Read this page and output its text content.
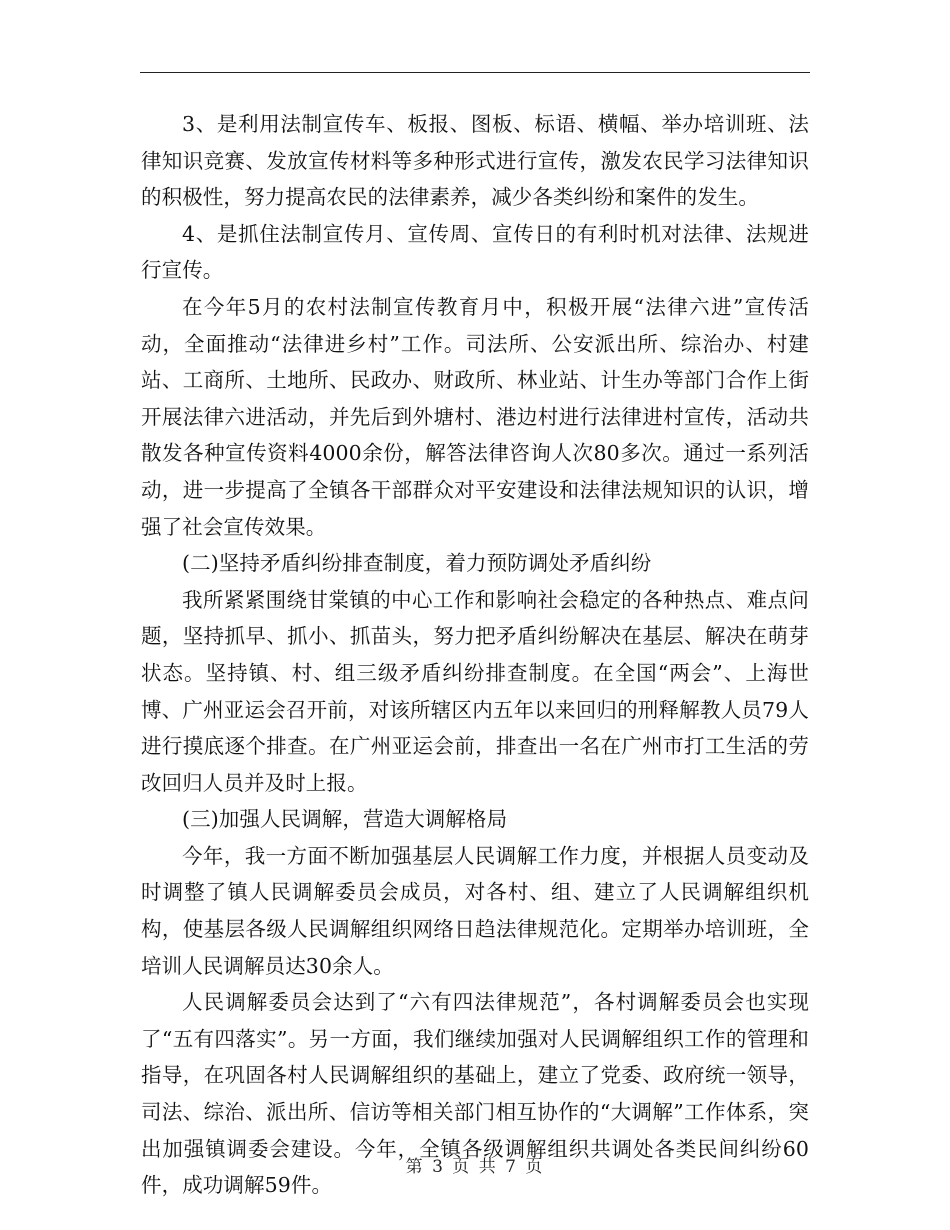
3、是利用法制宣传车、板报、图板、标语、横幅、举办培训班、法律知识竞赛、发放宣传材料等多种形式进行宣传，激发农民学习法律知识的积极性，努力提高农民的法律素养，减少各类纠纷和案件的发生。

4、是抓住法制宣传月、宣传周、宣传日的有利时机对法律、法规进行宣传。

在今年5月的农村法制宣传教育月中，积极开展“法律六进”宣传活动，全面推动“法律进乡村”工作。司法所、公安派出所、综治办、村建站、工商所、土地所、民政办、财政所、林业站、计生办等部门合作上街开展法律六进活动，并先后到外塘村、港边村进行法律进村宣传，活动共散发各种宣传资料4000余份，解答法律咨询人次80多次。通过一系列活动，进一步提高了全镇各干部群众对平安建设和法律法规知识的认识，增强了社会宣传效果。

(二)坚持矛盾纠纷排查制度，着力预防调处矛盾纠纷

我所紧紧围绕甘棠镇的中心工作和影响社会稳定的各种热点、难点问题，坚持抓早、抓小、抓苗头，努力把矛盾纠纷解决在基层、解决在萌芽状态。坚持镇、村、组三级矛盾纠纷排查制度。在全国“两会”、上海世博、广州亚运会召开前，对该所辖区内五年以来回归的刑释解教人员79人进行摸底逐个排查。在广州亚运会前，排查出一名在广州市打工生活的劳改回归人员并及时上报。

(三)加强人民调解，营造大调解格局

今年，我一方面不断加强基层人民调解工作力度，并根据人员变动及时调整了镇人民调解委员会成员，对各村、组、建立了人民调解组织机构，使基层各级人民调解组织网络日趋法律规范化。定期举办培训班，全培训人民调解员达30余人。

人民调解委员会达到了“六有四法律规范”，各村调解委员会也实现了“五有四落实”。另一方面，我们继续加强对人民调解组织工作的管理和指导，在巩固各村人民调解组织的基础上，建立了党委、政府统一领导，司法、综治、派出所、信访等相关部门相互协作的“大调解”工作体系，突出加强镇调委会建设。今年，全镇各级调解组织共调处各类民间纠纷60件，成功调解59件。

第 3 页 共 7 页
